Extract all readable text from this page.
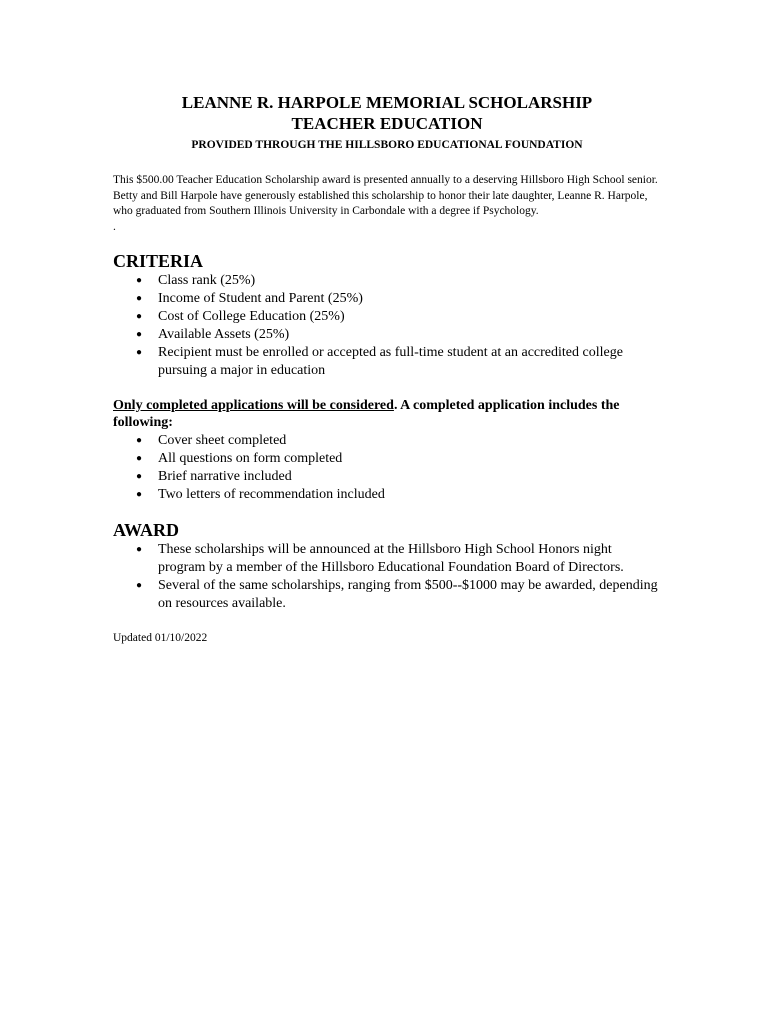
LEANNE R. HARPOLE MEMORIAL SCHOLARSHIP

TEACHER EDUCATION

PROVIDED THROUGH THE HILLSBORO EDUCATIONAL FOUNDATION

This $500.00 Teacher Education Scholarship award is presented annually to a deserving Hillsboro High School senior. Betty and Bill Harpole have generously established this scholarship to honor their late daughter, Leanne R. Harpole, who graduated from Southern Illinois University in Carbondale with a degree if Psychology.

.

CRITERIA
● Class rank (25%)
● Income of Student and Parent (25%)
● Cost of College Education (25%)
● Available Assets (25%)
● Recipient must be enrolled or accepted as full-time student at an accredited college pursuing a major in education

Only completed applications will be considered. A completed application includes the following:

● Cover sheet completed
● All questions on form completed
● Brief narrative included
● Two letters of recommendation included
AWARD
● These scholarships will be announced at the Hillsboro High School Honors night program by a member of the Hillsboro Educational Foundation Board of Directors.
● Several of the same scholarships, ranging from $500--$1000 may be awarded, depending on resources available.

Updated 01/10/2022
